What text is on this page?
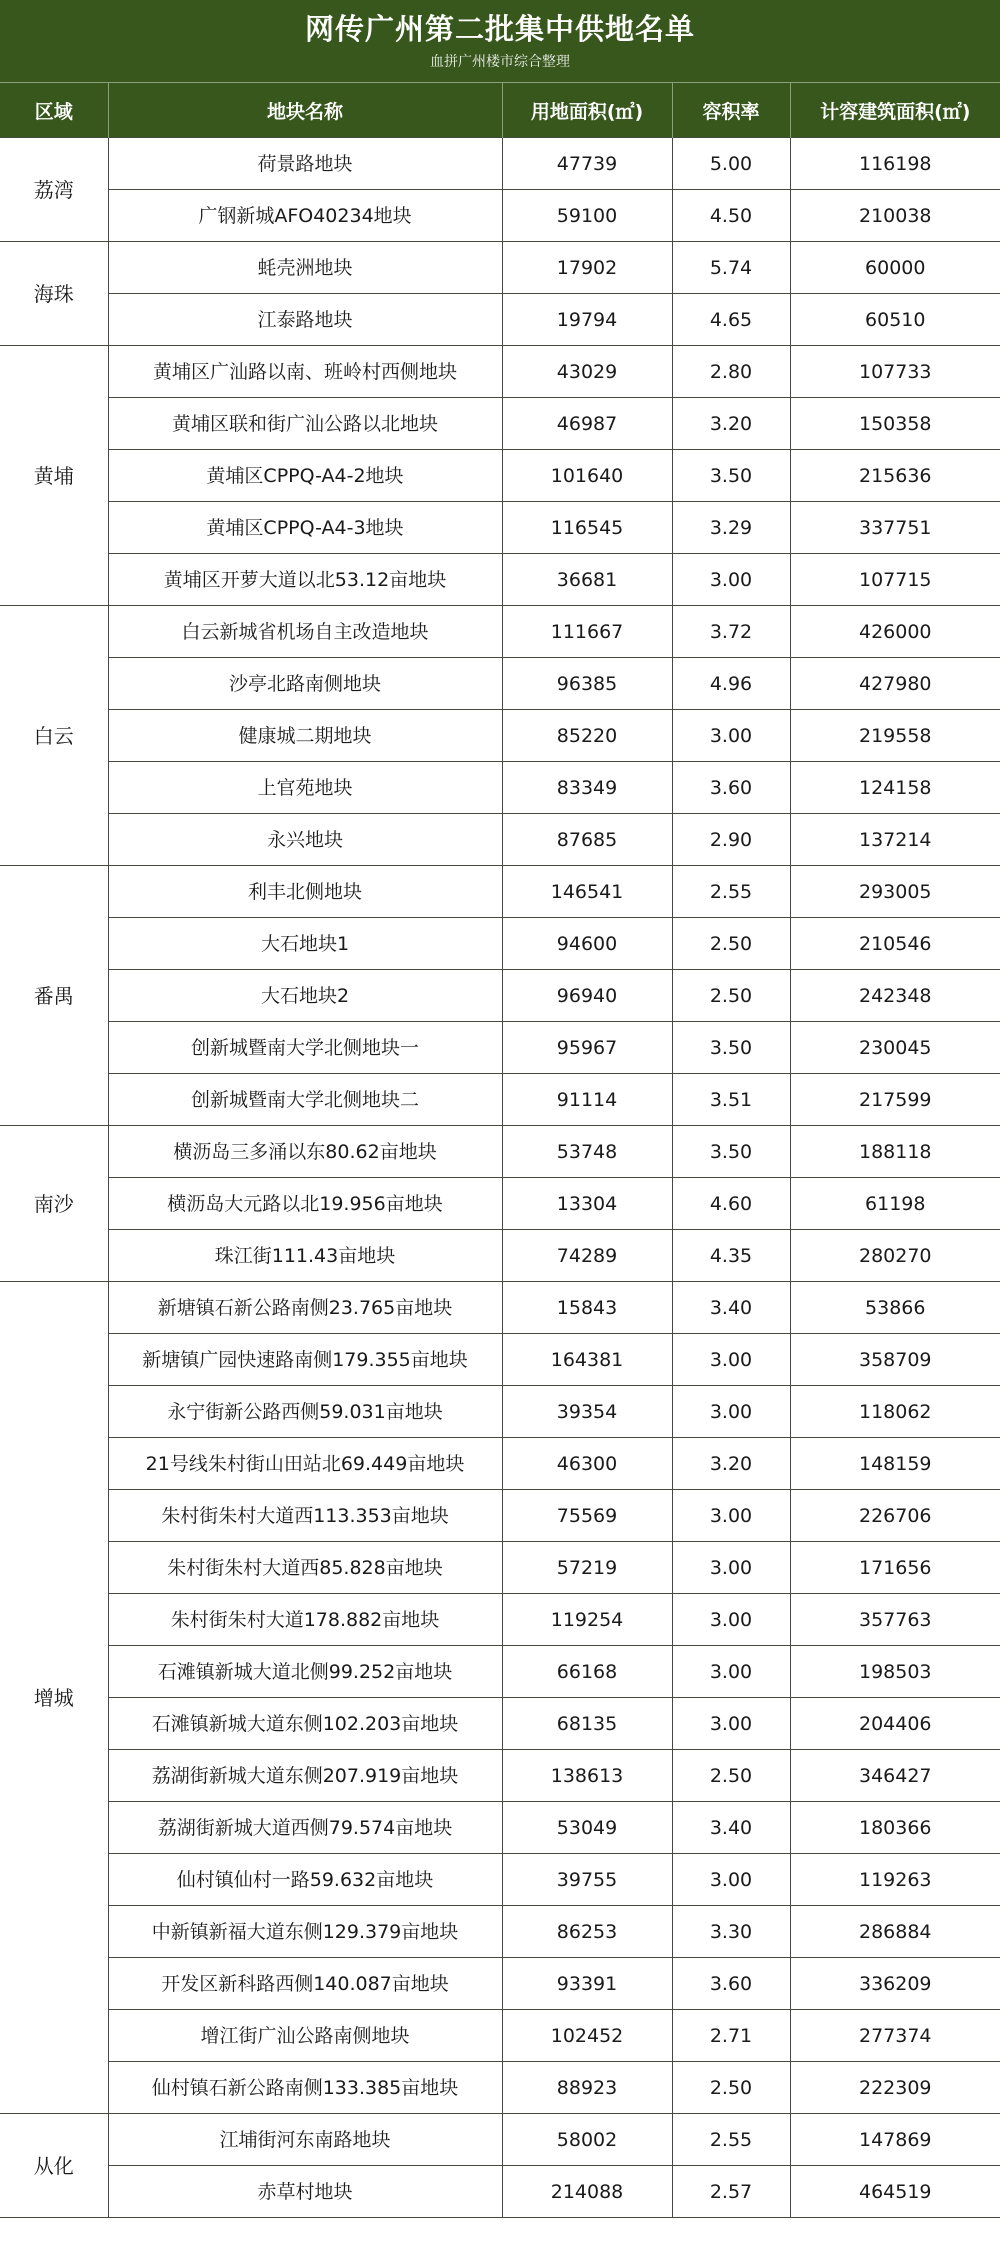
网传广州第二批集中供地名单
血拼广州楼市综合整理
区域	地块名称	用地面积(㎡)	容积率	计容建筑面积(㎡)
荔湾	荷景路地块	47739	5.00	116198
	广钢新城AFO40234地块	59100	4.50	210038
海珠	蚝壳洲地块	17902	5.74	60000
	江泰路地块	19794	4.65	60510
黄埔	黄埔区广汕路以南、班岭村西侧地块	43029	2.80	107733
	黄埔区联和街广汕公路以北地块	46987	3.20	150358
	黄埔区CPPQ-A4-2地块	101640	3.50	215636
	黄埔区CPPQ-A4-3地块	116545	3.29	337751
	黄埔区开萝大道以北53.12亩地块	36681	3.00	107715
白云	白云新城省机场自主改造地块	111667	3.72	426000
	沙亭北路南侧地块	96385	4.96	427980
	健康城二期地块	85220	3.00	219558
	上官苑地块	83349	3.60	124158
	永兴地块	87685	2.90	137214
番禺	利丰北侧地块	146541	2.55	293005
	大石地块1	94600	2.50	210546
	大石地块2	96940	2.50	242348
	创新城暨南大学北侧地块一	95967	3.50	230045
	创新城暨南大学北侧地块二	91114	3.51	217599
南沙	横沥岛三多涌以东80.62亩地块	53748	3.50	188118
	横沥岛大元路以北19.956亩地块	13304	4.60	61198
	珠江街111.43亩地块	74289	4.35	280270
增城	新塘镇石新公路南侧23.765亩地块	15843	3.40	53866
	新塘镇广园快速路南侧179.355亩地块	164381	3.00	358709
	永宁街新公路西侧59.031亩地块	39354	3.00	118062
	21号线朱村街山田站北69.449亩地块	46300	3.20	148159
	朱村街朱村大道西113.353亩地块	75569	3.00	226706
	朱村街朱村大道西85.828亩地块	57219	3.00	171656
	朱村街朱村大道178.882亩地块	119254	3.00	357763
	石滩镇新城大道北侧99.252亩地块	66168	3.00	198503
	石滩镇新城大道东侧102.203亩地块	68135	3.00	204406
	荔湖街新城大道东侧207.919亩地块	138613	2.50	346427
	荔湖街新城大道西侧79.574亩地块	53049	3.40	180366
	仙村镇仙村一路59.632亩地块	39755	3.00	119263
	中新镇新福大道东侧129.379亩地块	86253	3.30	286884
	开发区新科路西侧140.087亩地块	93391	3.60	336209
	增江街广汕公路南侧地块	102452	2.71	277374
	仙村镇石新公路南侧133.385亩地块	88923	2.50	222309
从化	江埔街河东南路地块	58002	2.55	147869
	赤草村地块	214088	2.57	464519
